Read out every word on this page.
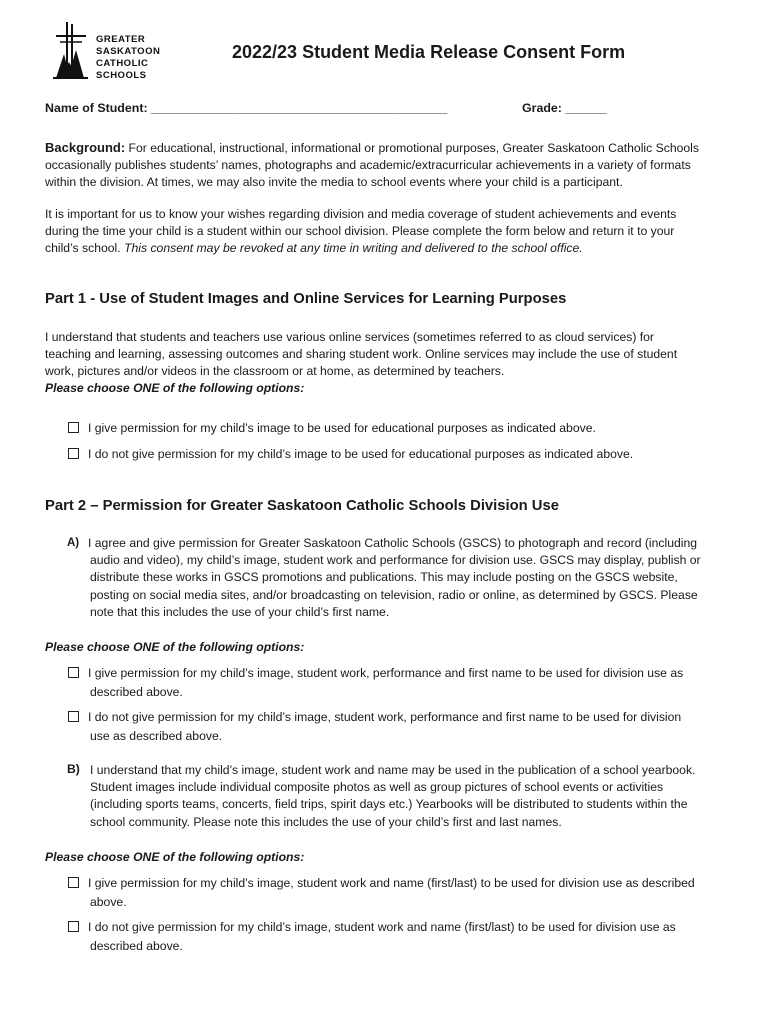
GREATER
SASKATOON
CATHOLIC
SCHOOLS
2022/23 Student Media Release Consent Form
Name of Student: ___________________________________________	Grade: ______

Background: For educational, instructional, informational or promotional purposes, Greater Saskatoon Catholic Schools

occasionally publishes students’ names, photographs and academic/extracurricular achievements in a variety of formats

within the division. At times, we may also invite the media to school events where your child is a participant.

It is important for us to know your wishes regarding division and media coverage of student achievements and events

during the time your child is a student within our school division. Please complete the form below and return it to your

child’s school. This consent may be revoked at any time in writing and delivered to the school office.

Part 1 - Use of Student Images and Online Services for Learning Purposes

I understand that students and teachers use various online services (sometimes referred to as cloud services) for

teaching and learning, assessing outcomes and sharing student work. Online services may include the use of student

work, pictures and/or videos in the classroom or at home, as determined by teachers.

Please choose ONE of the following options:
I give permission for my child’s image to be used for educational purposes as indicated above.
I do not give permission for my child’s image to be used for educational purposes as indicated above.
Part 2 – Permission for Greater Saskatoon Catholic Schools Division Use
A) I agree and give permission for Greater Saskatoon Catholic Schools (GSCS) to photograph and record (including

audio and video), my child’s image, student work and performance for division use. GSCS may display, publish or

distribute these works in GSCS promotions and publications. This may include posting on the GSCS website,

posting on social media sites, and/or broadcasting on television, radio or online, as determined by GSCS. Please

note that this includes the use of your child’s first name.

Please choose ONE of the following options:
I give permission for my child’s image, student work, performance and first name to be used for division use as
described above.
I do not give permission for my child’s image, student work, performance and first name to be used for division
use as described above.
B) I understand that my child’s image, student work and name may be used in the publication of a school yearbook.

Student images include individual composite photos as well as group pictures of school events or activities

(including sports teams, concerts, field trips, spirit days etc.) Yearbooks will be distributed to students within the

school community. Please note this includes the use of your child’s first and last names.

Please choose ONE of the following options:
I give permission for my child’s image, student work and name (first/last) to be used for division use as described
above.
I do not give permission for my child’s image, student work and name (first/last) to be used for division use as
described above.
